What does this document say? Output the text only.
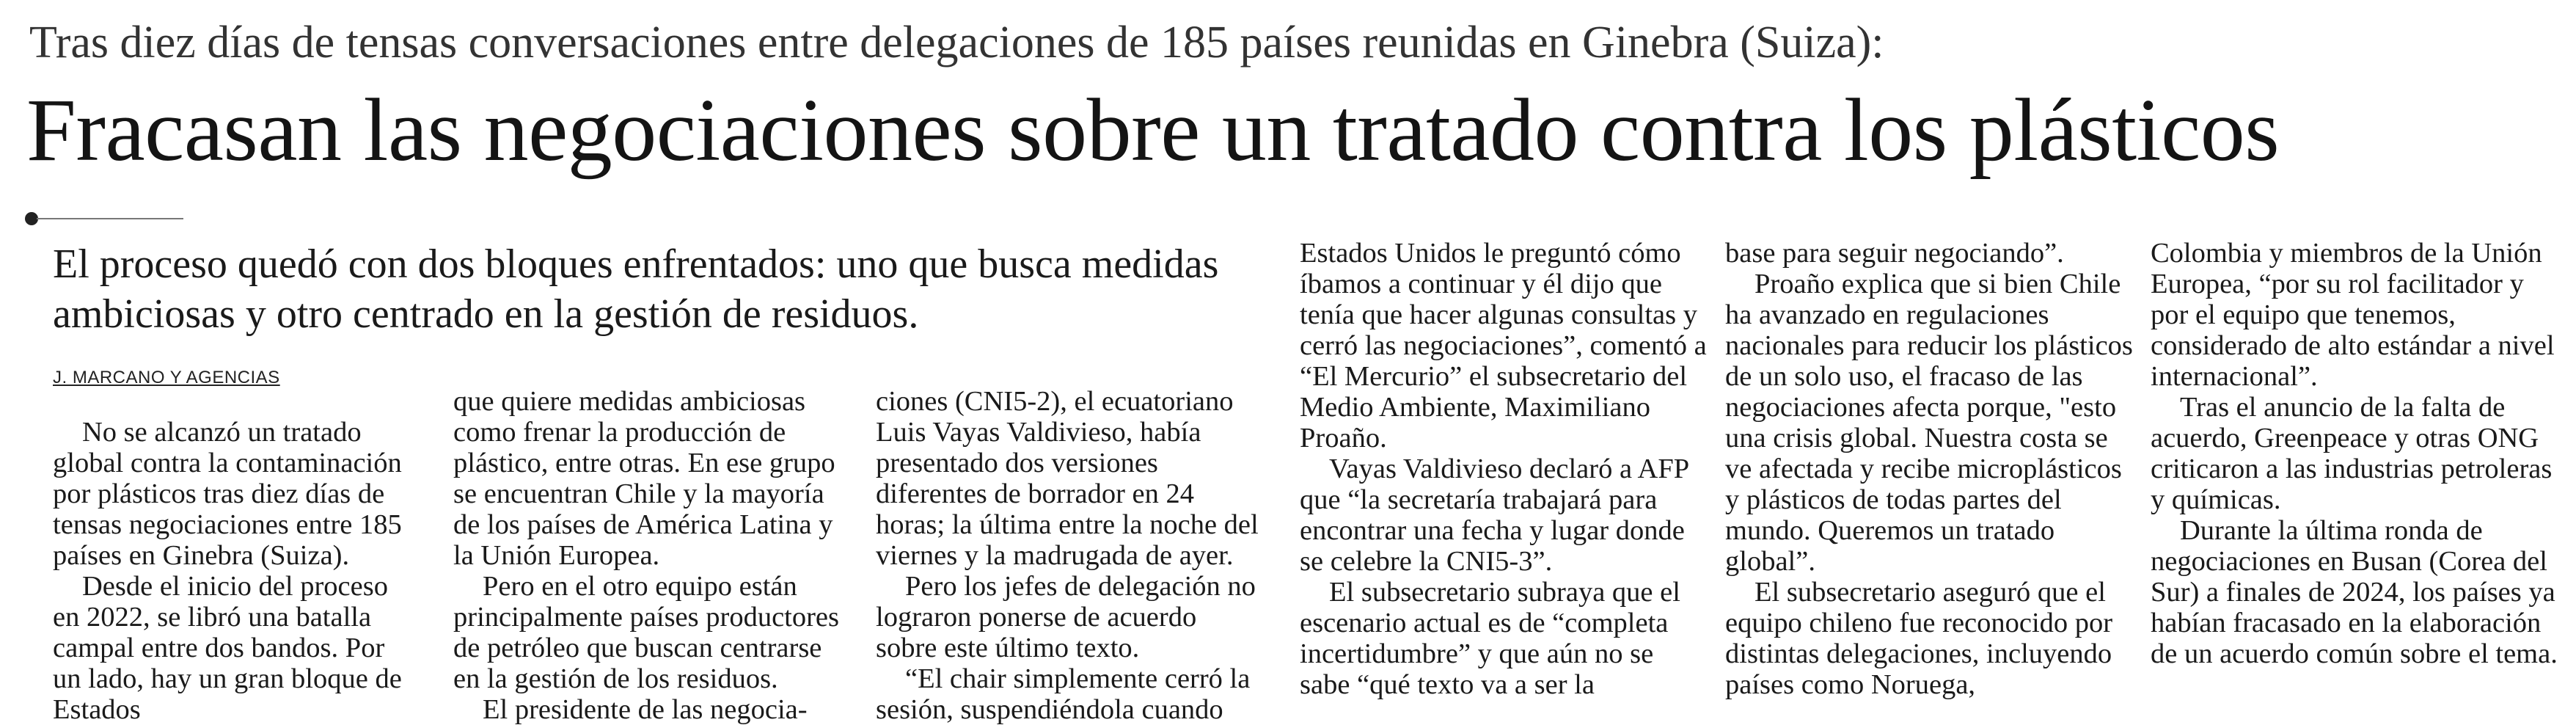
Tras diez días de tensas conversaciones entre delegaciones de 185 países reunidas en Ginebra (Suiza):
Fracasan las negociaciones sobre un tratado contra los plásticos
El proceso quedó con dos bloques enfrentados: uno que busca medidas ambiciosas y otro centrado en la gestión de residuos.
J. MARCANO Y AGENCIAS

No se alcanzó un tratado global contra la contaminación por plásticos tras diez días de tensas negociaciones entre 185 países en Ginebra (Suiza).

Desde el inicio del proceso en 2022, se libró una batalla campal entre dos bandos. Por un lado, hay un gran bloque de Estados

que quiere medidas ambiciosas como frenar la producción de plástico, entre otras. En ese grupo se encuentran Chile y la mayoría de los países de América Latina y la Unión Europea.

Pero en el otro equipo están principalmente países productores de petróleo que buscan centrarse en la gestión de los residuos.

El presidente de las negocia-

ciones (CNI5-2), el ecuatoriano Luis Vayas Valdivieso, había presentado dos versiones diferentes de borrador en 24 horas; la última entre la noche del viernes y la madrugada de ayer.

Pero los jefes de delegación no lograron ponerse de acuerdo sobre este último texto.

“El chair simplemente cerró la sesión, suspendiéndola cuando

Estados Unidos le preguntó cómo íbamos a continuar y él dijo que tenía que hacer algunas consultas y cerró las negociaciones”, comentó a “El Mercurio” el subsecretario del Medio Ambiente, Maximiliano Proaño.

Vayas Valdivieso declaró a AFP que “la secretaría trabajará para encontrar una fecha y lugar donde se celebre la CNI5-3”.

El subsecretario subraya que el escenario actual es de “completa incertidumbre” y que aún no se sabe “qué texto va a ser la

base para seguir negociando”.

Proaño explica que si bien Chile ha avanzado en regulaciones nacionales para reducir los plásticos de un solo uso, el fracaso de las negociaciones afecta porque, "esto una crisis global. Nuestra costa se ve afectada y recibe microplásticos y plásticos de todas partes del mundo. Queremos un tratado global”.

El subsecretario aseguró que el equipo chileno fue reconocido por distintas delegaciones, incluyendo países como Noruega,

Colombia y miembros de la Unión Europea, “por su rol facilitador y por el equipo que tenemos, considerado de alto estándar a nivel internacional”.

Tras el anuncio de la falta de acuerdo, Greenpeace y otras ONG criticaron a las industrias petroleras y químicas.

Durante la última ronda de negociaciones en Busan (Corea del Sur) a finales de 2024, los países ya habían fracasado en la elaboración de un acuerdo común sobre el tema.
